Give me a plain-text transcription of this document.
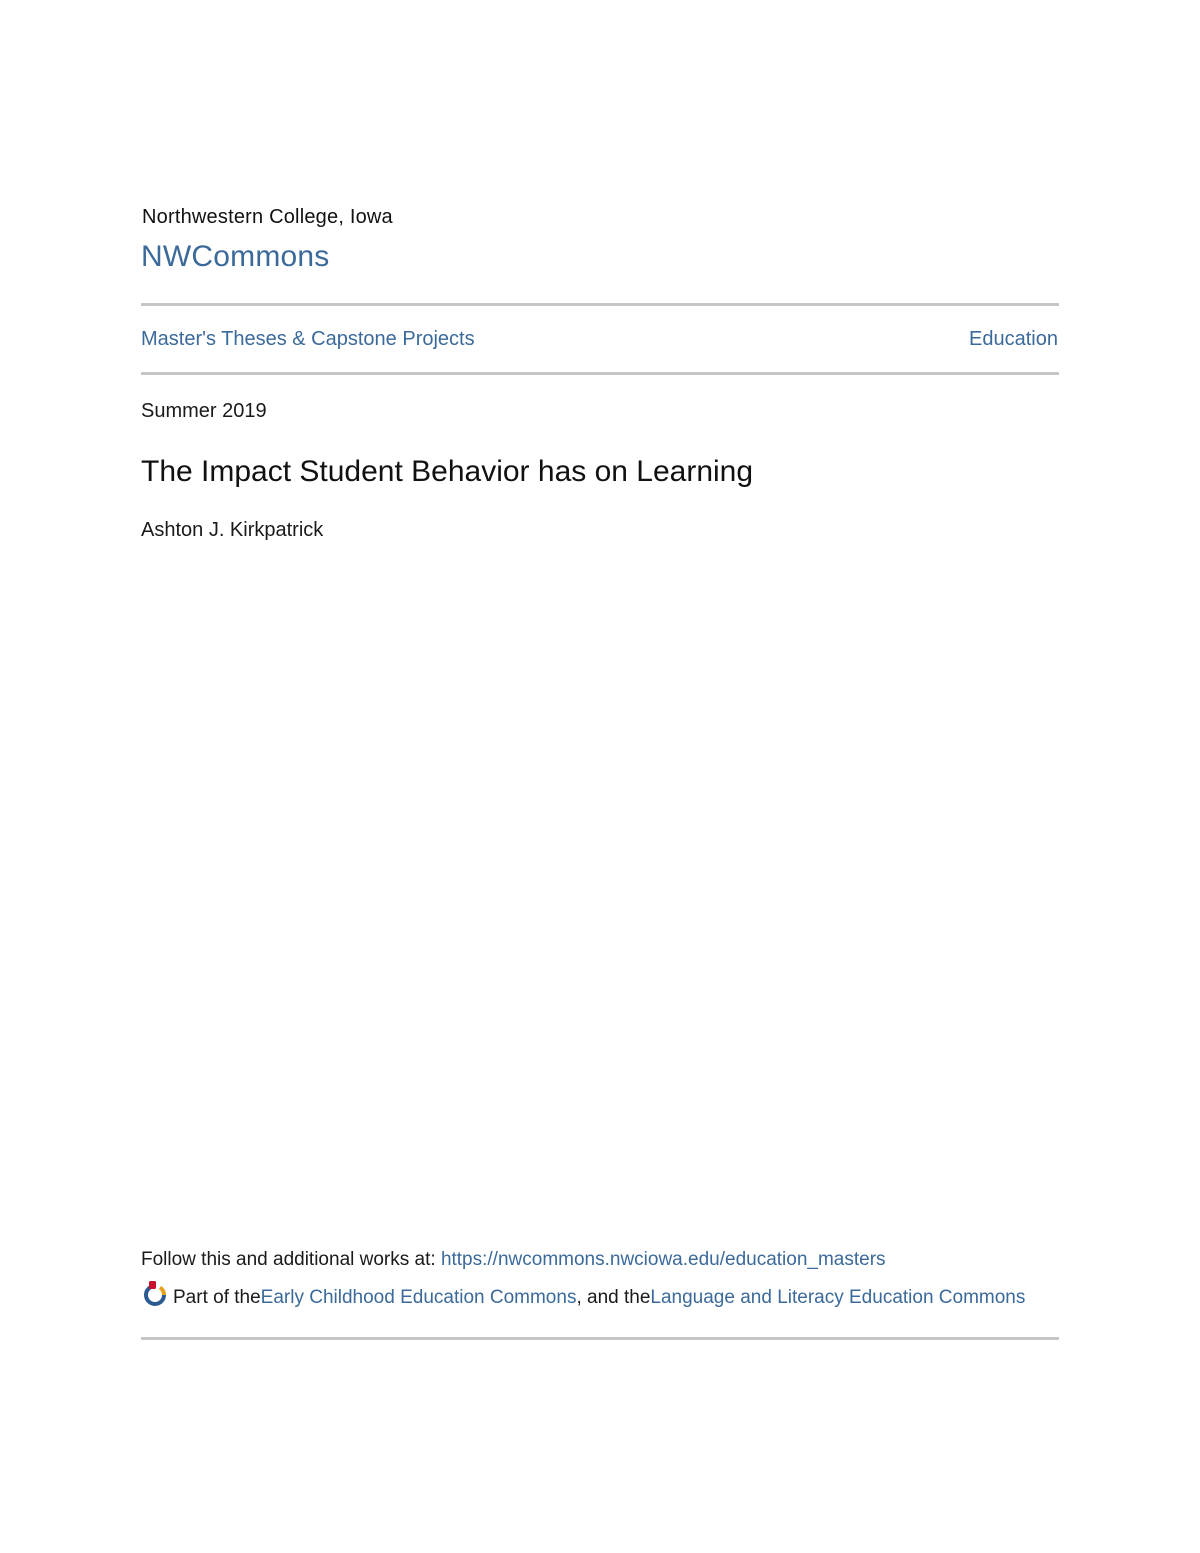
Northwestern College, Iowa
NWCommons
Master's Theses & Capstone Projects	Education
Summer 2019
The Impact Student Behavior has on Learning
Ashton J. Kirkpatrick
Follow this and additional works at: https://nwcommons.nwciowa.edu/education_masters
Part of the Early Childhood Education Commons , and the Language and Literacy Education Commons
